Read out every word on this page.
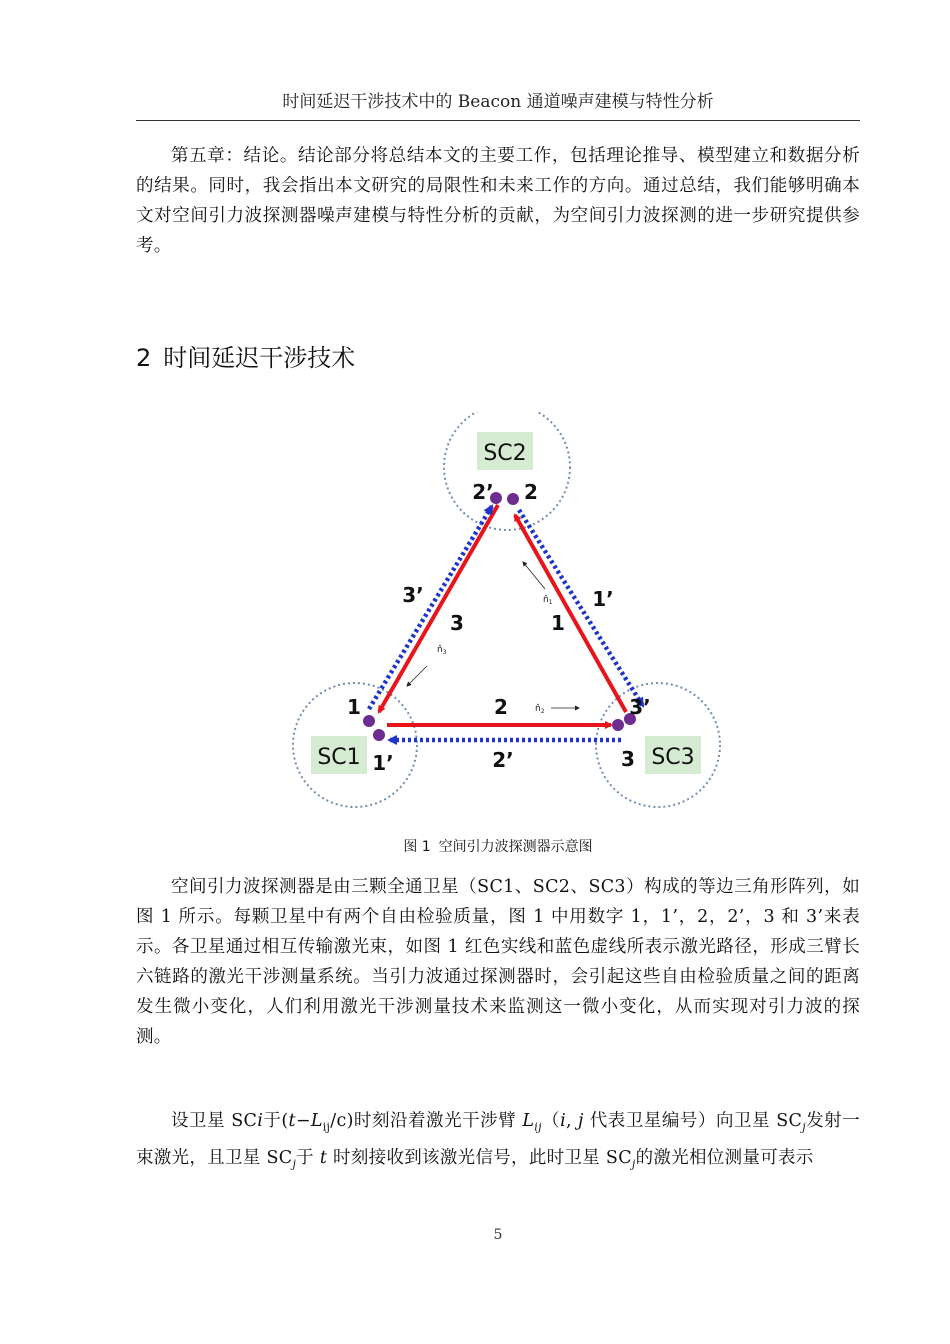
时间延迟干涉技术中的 Beacon 通道噪声建模与特性分析

第五章：结论。结论部分将总结本文的主要工作，包括理论推导、模型建立和数据分析的结果。同时，我会指出本文研究的局限性和未来工作的方向。通过总结，我们能够明确本文对空间引力波探测器噪声建模与特性分析的贡献，为空间引力波探测的进一步研究提供参考。

2 时间延迟干涉技术
SC2
SC1	SC3
2’ 2
1
1’
3’
3
3	1
2
3’	1’
2’
$n̂_1$
$n̂_2$
$n̂_3$
图 1 空间引力波探测器示意图

空间引力波探测器是由三颗全通卫星（SC1、SC2、SC3）构成的等边三角形阵列，如图 1 所示。每颗卫星中有两个自由检验质量，图 1 中用数字 1，1’，2，2’，3 和 3’来表示。各卫星通过相互传输激光束，如图 1 红色实线和蓝色虚线所表示激光路径，形成三臂长六链路的激光干涉测量系统。当引力波通过探测器时，会引起这些自由检验质量之间的距离发生微小变化，人们利用激光干涉测量技术来监测这一微小变化，从而实现对引力波的探测。

设卫星 SCi于$(t-L_{ij}/c)$时刻沿着激光干涉臂 $L_{ij}(i$, j 代表卫星编号）向卫星 $SC_j$发射一束激光，且卫星 $SC_j$于 t 时刻接收到该激光信号，此时卫星 $SC_j$的激光相位测量可表示

5
